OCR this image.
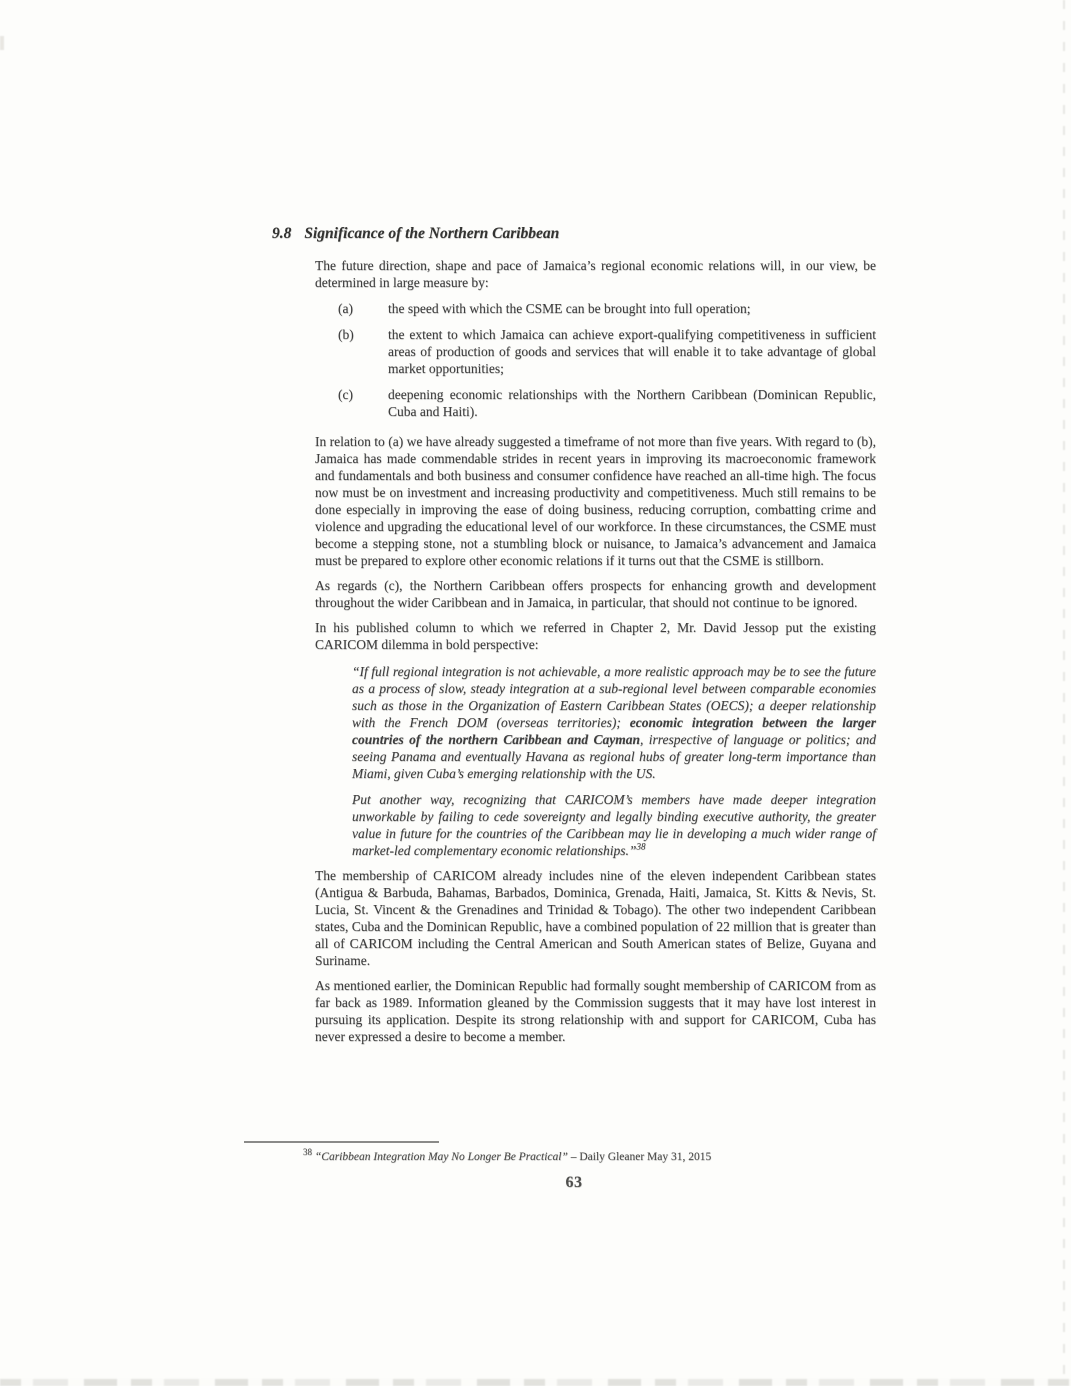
9.8 Significance of the Northern Caribbean

The future direction, shape and pace of Jamaica’s regional economic relations will, in our view, be determined in large measure by:

(a)	the speed with which the CSME can be brought into full operation;
(b)	the extent to which Jamaica can achieve export-qualifying competitiveness in sufficient areas of production of goods and services that will enable it to take advantage of global market opportunities;
(c)	deepening economic relationships with the Northern Caribbean (Dominican Republic, Cuba and Haiti).

In relation to (a) we have already suggested a timeframe of not more than five years. With regard to (b), Jamaica has made commendable strides in recent years in improving its macroeconomic framework and fundamentals and both business and consumer confidence have reached an all-time high. The focus now must be on investment and increasing productivity and competitiveness. Much still remains to be done especially in improving the ease of doing business, reducing corruption, combatting crime and violence and upgrading the educational level of our workforce. In these circumstances, the CSME must become a stepping stone, not a stumbling block or nuisance, to Jamaica’s advancement and Jamaica must be prepared to explore other economic relations if it turns out that the CSME is stillborn.

As regards (c), the Northern Caribbean offers prospects for enhancing growth and development throughout the wider Caribbean and in Jamaica, in particular, that should not continue to be ignored.

In his published column to which we referred in Chapter 2, Mr. David Jessop put the existing CARICOM dilemma in bold perspective:

“If full regional integration is not achievable, a more realistic approach may be to see the future as a process of slow, steady integration at a sub-regional level between comparable economies such as those in the Organization of Eastern Caribbean States (OECS); a deeper relationship with the French DOM (overseas territories); economic integration between the larger countries of the northern Caribbean and Cayman, irrespective of language or politics; and seeing Panama and eventually Havana as regional hubs of greater long-term importance than Miami, given Cuba’s emerging relationship with the US.

Put another way, recognizing that CARICOM’s members have made deeper integration unworkable by failing to cede sovereignty and legally binding executive authority, the greater value in future for the countries of the Caribbean may lie in developing a much wider range of market-led complementary economic relationships.”$^{38}$

The membership of CARICOM already includes nine of the eleven independent Caribbean states (Antigua & Barbuda, Bahamas, Barbados, Dominica, Grenada, Haiti, Jamaica, St. Kitts & Nevis, St. Lucia, St. Vincent & the Grenadines and Trinidad & Tobago). The other two independent Caribbean states, Cuba and the Dominican Republic, have a combined population of 22 million that is greater than all of CARICOM including the Central American and South American states of Belize, Guyana and Suriname.

As mentioned earlier, the Dominican Republic had formally sought membership of CARICOM from as far back as 1989. Information gleaned by the Commission suggests that it may have lost interest in pursuing its application. Despite its strong relationship with and support for CARICOM, Cuba has never expressed a desire to become a member.

$^{38}$ “Caribbean Integration May No Longer Be Practical” – Daily Gleaner May 31, 2015
63
